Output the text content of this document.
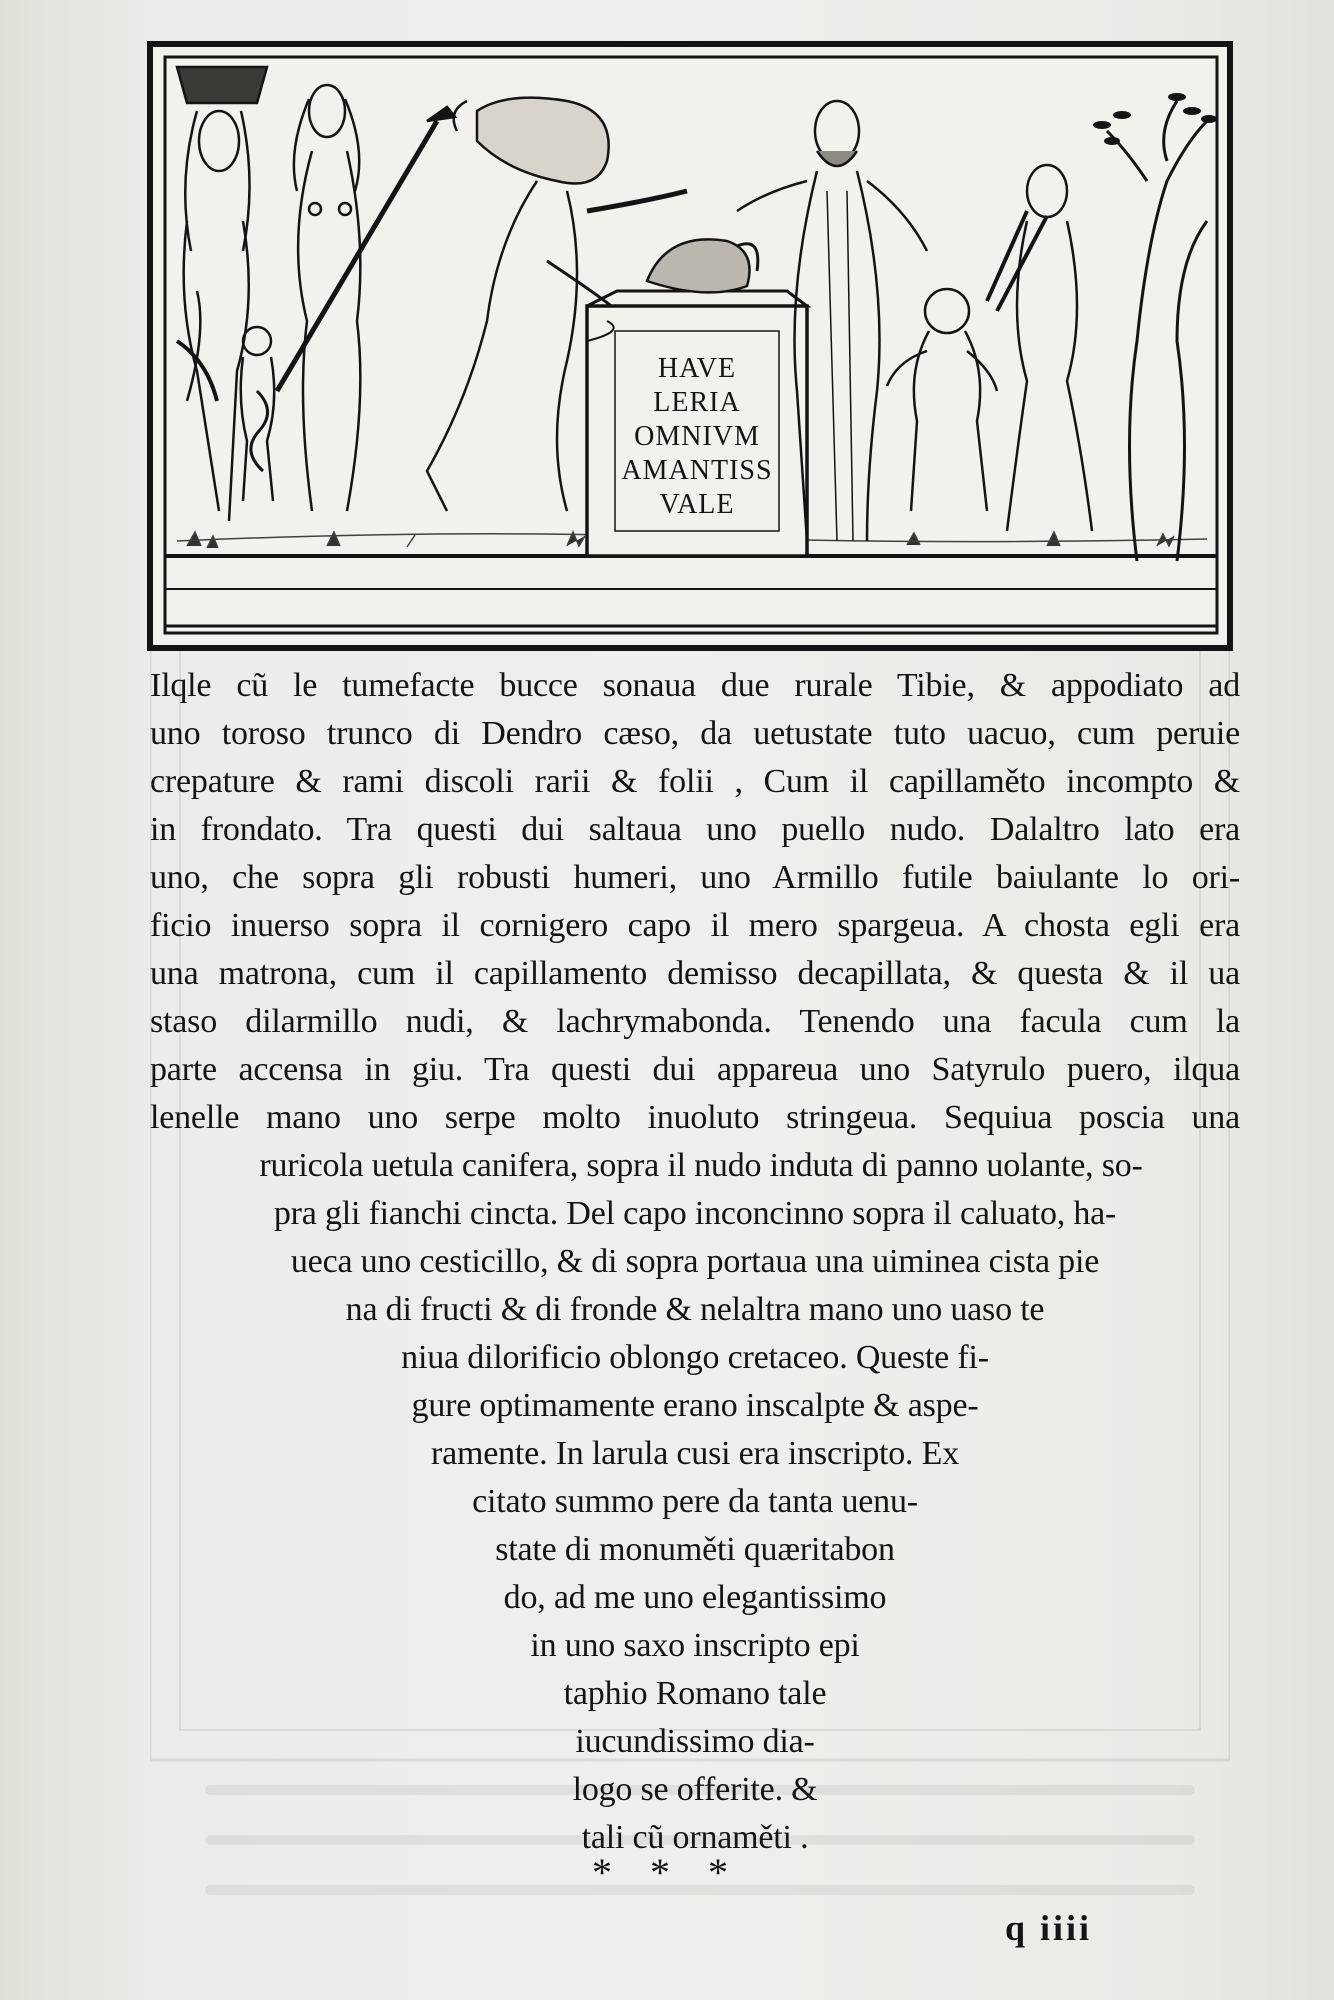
HAVE
LERIA
OMNIVM
AMANTISS
VALE
Ilqle cũ le tumefacte bucce sonaua due rurale Tibie, & appodiato ad
uno toroso trunco di Dendro cæso, da uetustate tuto uacuo, cum peruie
crepature & rami discoli rarii & folii , Cum il capillaměto incompto &
in frondato. Tra questi dui saltaua uno puello nudo. Dalaltro lato era
uno, che sopra gli robusti humeri, uno Armillo futile baiulante lo ori-
ficio inuerso sopra il cornigero capo il mero spargeua. A chosta egli era
una matrona, cum il capillamento demisso decapillata, & questa & il ua
staso dilarmillo nudi, & lachrymabonda. Tenendo una facula cum la
parte accensa in giu. Tra questi dui appareua uno Satyrulo puero, ilqua
lenelle mano uno serpe molto inuoluto stringeua. Sequiua poscia una
ruricola uetula canifera, sopra il nudo induta di panno uolante, so-
pra gli fianchi cincta. Del capo inconcinno sopra il caluato, ha-
ueca uno cesticillo, & di sopra portaua una uiminea cista pie
na di fructi & di fronde & nelaltra mano uno uaso te
niua dilorificio oblongo cretaceo. Queste fi-
gure optimamente erano inscalpte & aspe-
ramente. In larula cusi era inscripto. Ex
citato summo pere da tanta uenu-
state di monuměti quæritabon
do, ad me uno elegantissimo
in uno saxo inscripto epi
taphio Romano tale
iucundissimo dia-
logo se offerite. &
tali cũ ornaměti .
* * *
q iiii
